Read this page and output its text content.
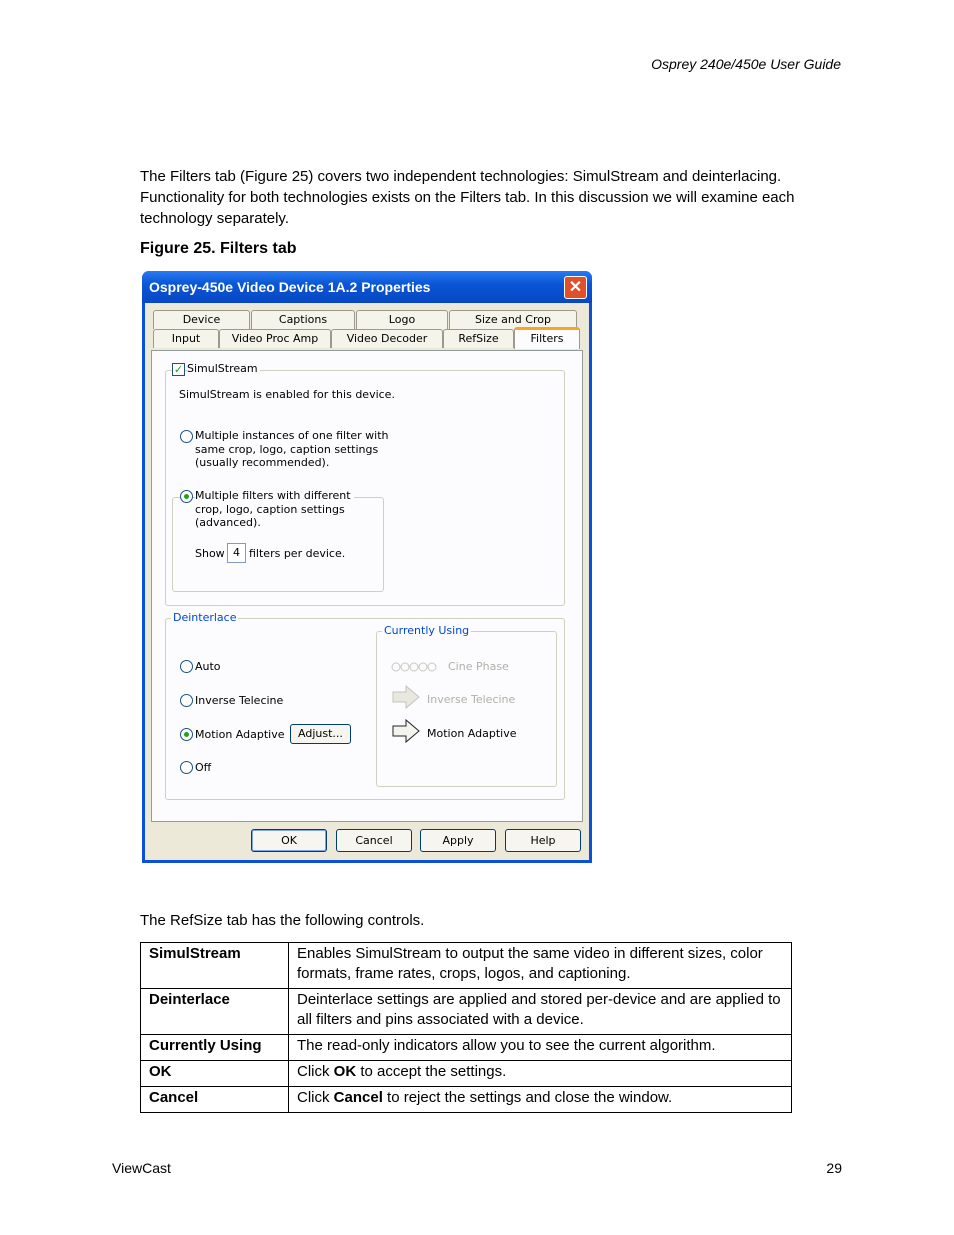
Osprey 240e/450e User Guide
The Filters tab (Figure 25) covers two independent technologies: SimulStream and deinterlacing. Functionality for both technologies exists on the Filters tab. In this discussion we will examine each technology separately.
Figure 25. Filters tab
Osprey-450e Video Device 1A.2 Properties	✕
Device	Captions	Logo	Size and Crop
Input	Video Proc Amp	Video Decoder	RefSize	Filters
✓ SimulStream
SimulStream is enabled for this device.
Multiple instances of one filter with
same crop, logo, caption settings
(usually recommended).
Multiple filters with different
crop, logo, caption settings
(advanced).
Show 4 filters per device.
Deinterlace
Auto
Inverse Telecine
Motion Adaptive	Adjust...
Off
Currently Using
Cine Phase
Inverse Telecine
Motion Adaptive
OK	Cancel	Apply	Help
The RefSize tab has the following controls.
SimulStream	Enables SimulStream to output the same video in different sizes, color formats, frame rates, crops, logos, and captioning.
Deinterlace	Deinterlace settings are applied and stored per-device and are applied to all filters and pins associated with a device.
Currently Using	The read-only indicators allow you to see the current algorithm.
OK	Click OK to accept the settings.
Cancel	Click Cancel to reject the settings and close the window.
ViewCast	29
